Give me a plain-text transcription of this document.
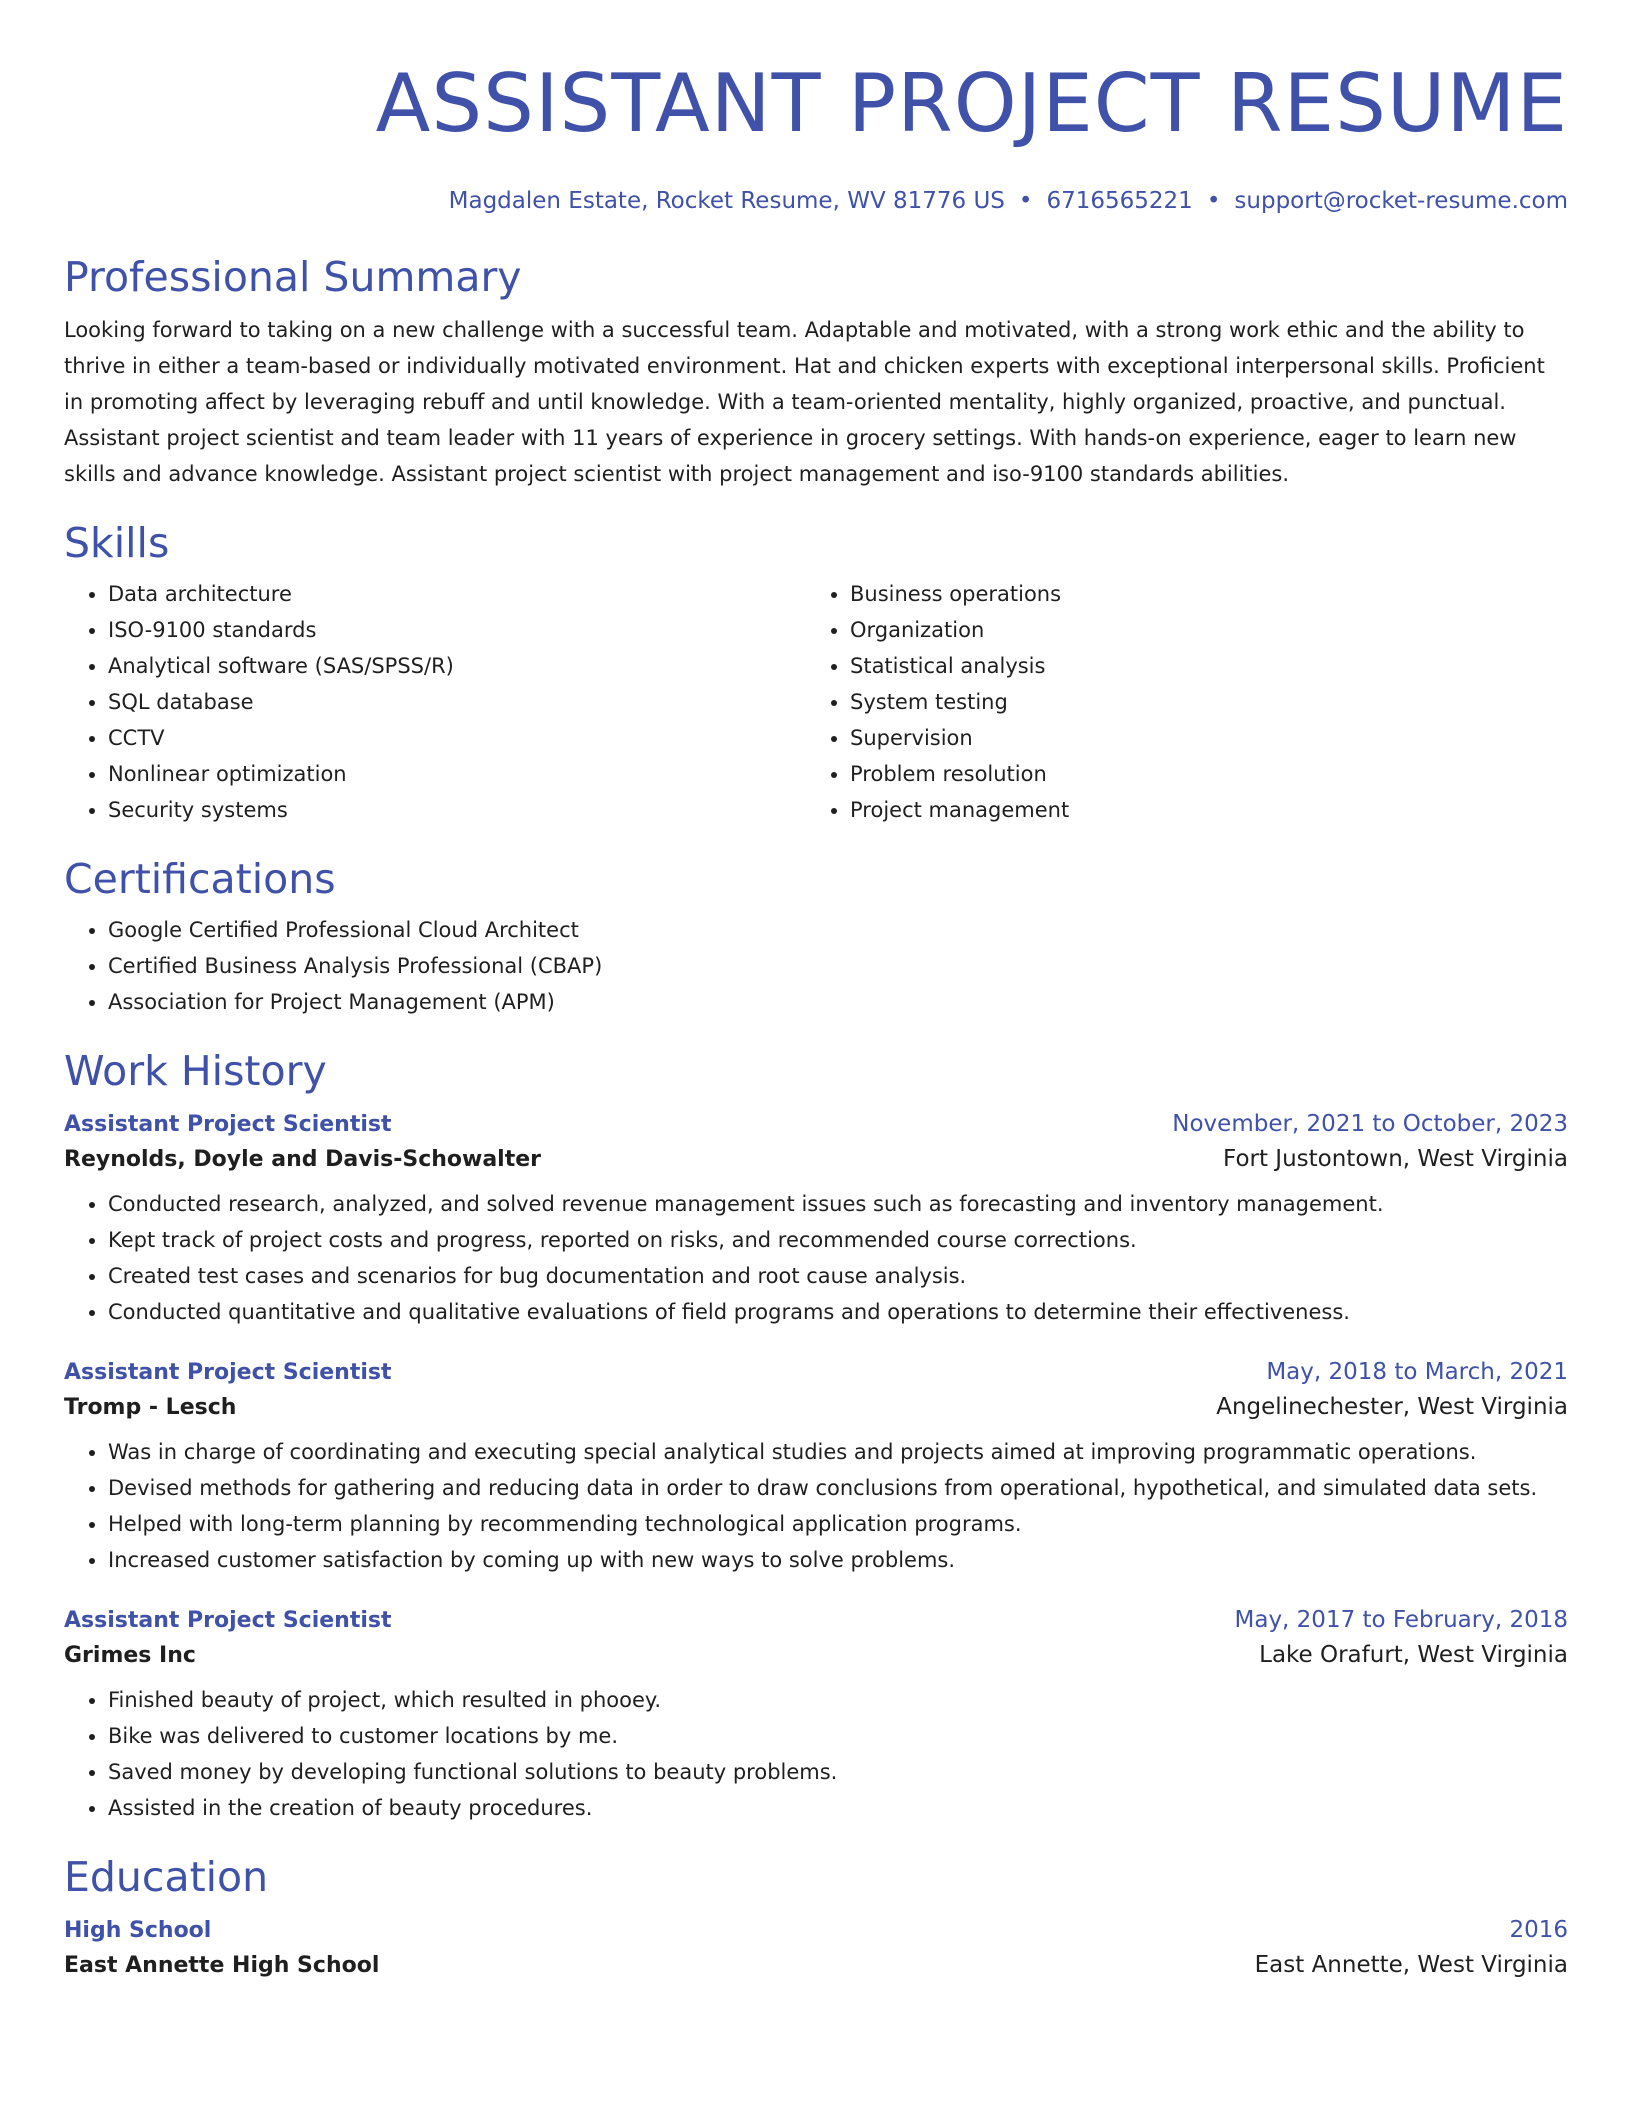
ASSISTANT PROJECT RESUME
Magdalen Estate, Rocket Resume, WV 81776 US • 6716565221 • support@rocket-resume.com
Professional Summary

Looking forward to taking on a new challenge with a successful team. Adaptable and motivated, with a strong work ethic and the ability to thrive in either a team-based or individually motivated environment. Hat and chicken experts with exceptional interpersonal skills. Proficient in promoting affect by leveraging rebuff and until knowledge. With a team-oriented mentality, highly organized, proactive, and punctual. Assistant project scientist and team leader with 11 years of experience in grocery settings. With hands-on experience, eager to learn new skills and advance knowledge. Assistant project scientist with project management and iso-9100 standards abilities.

Skills
• Data architecture
• ISO-9100 standards
• Analytical software (SAS/SPSS/R)
• SQL database
• CCTV
• Nonlinear optimization
• Security systems
• Business operations
• Organization
• Statistical analysis
• System testing
• Supervision
• Problem resolution
• Project management
Certifications
• Google Certified Professional Cloud Architect
• Certified Business Analysis Professional (CBAP)
• Association for Project Management (APM)
Work History
Assistant Project Scientist	November, 2021 to October, 2023
Reynolds, Doyle and Davis-Schowalter	Fort Justontown, West Virginia
• Conducted research, analyzed, and solved revenue management issues such as forecasting and inventory management.
• Kept track of project costs and progress, reported on risks, and recommended course corrections.
• Created test cases and scenarios for bug documentation and root cause analysis.
• Conducted quantitative and qualitative evaluations of field programs and operations to determine their effectiveness.
Assistant Project Scientist	May, 2018 to March, 2021
Tromp - Lesch	Angelinechester, West Virginia
• Was in charge of coordinating and executing special analytical studies and projects aimed at improving programmatic operations.
• Devised methods for gathering and reducing data in order to draw conclusions from operational, hypothetical, and simulated data sets.
• Helped with long-term planning by recommending technological application programs.
• Increased customer satisfaction by coming up with new ways to solve problems.
Assistant Project Scientist	May, 2017 to February, 2018
Grimes Inc	Lake Orafurt, West Virginia
• Finished beauty of project, which resulted in phooey.
• Bike was delivered to customer locations by me.
• Saved money by developing functional solutions to beauty problems.
• Assisted in the creation of beauty procedures.
Education
High School	2016
East Annette High School	East Annette, West Virginia
